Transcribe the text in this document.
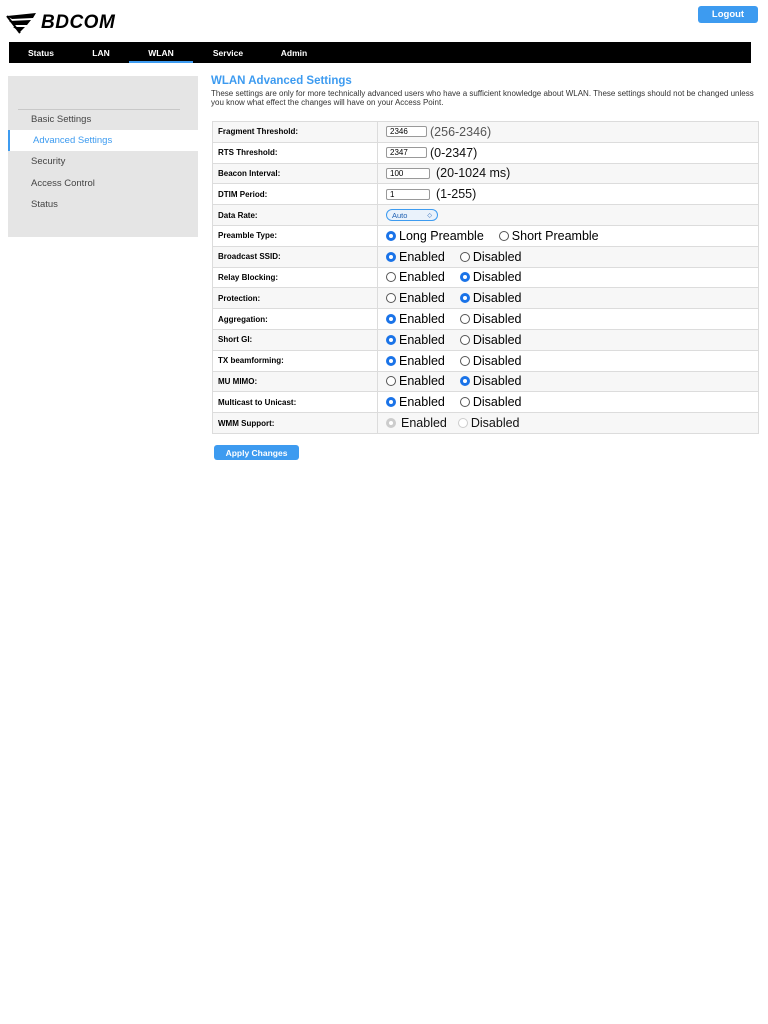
BDCOM	Logout
Status	LAN	WLAN	Service	Admin
Basic Settings
Advanced Settings
Security
Access Control
Status
WLAN Advanced Settings
These settings are only for more technically advanced users who have a sufficient knowledge about WLAN. These settings should not be changed unless you know what effect the changes will have on your Access Point.
Fragment Threshold:	2346 (256-2346)

RTS Threshold:	2347 (0-2347)

Beacon Interval:	100 (20-1024 ms)

DTIM Period:	1 (1-255)

Data Rate:	Auto ◇

Preamble Type:	Long Preamble Short Preamble

Broadcast SSID:	Enabled Disabled

Relay Blocking:	Enabled Disabled

Protection:	Enabled Disabled

Aggregation:	Enabled Disabled

Short GI:	Enabled Disabled

TX beamforming:	Enabled Disabled

MU MIMO:	Enabled Disabled

Multicast to Unicast:	Enabled Disabled

WMM Support:	Enabled Disabled
Apply Changes
